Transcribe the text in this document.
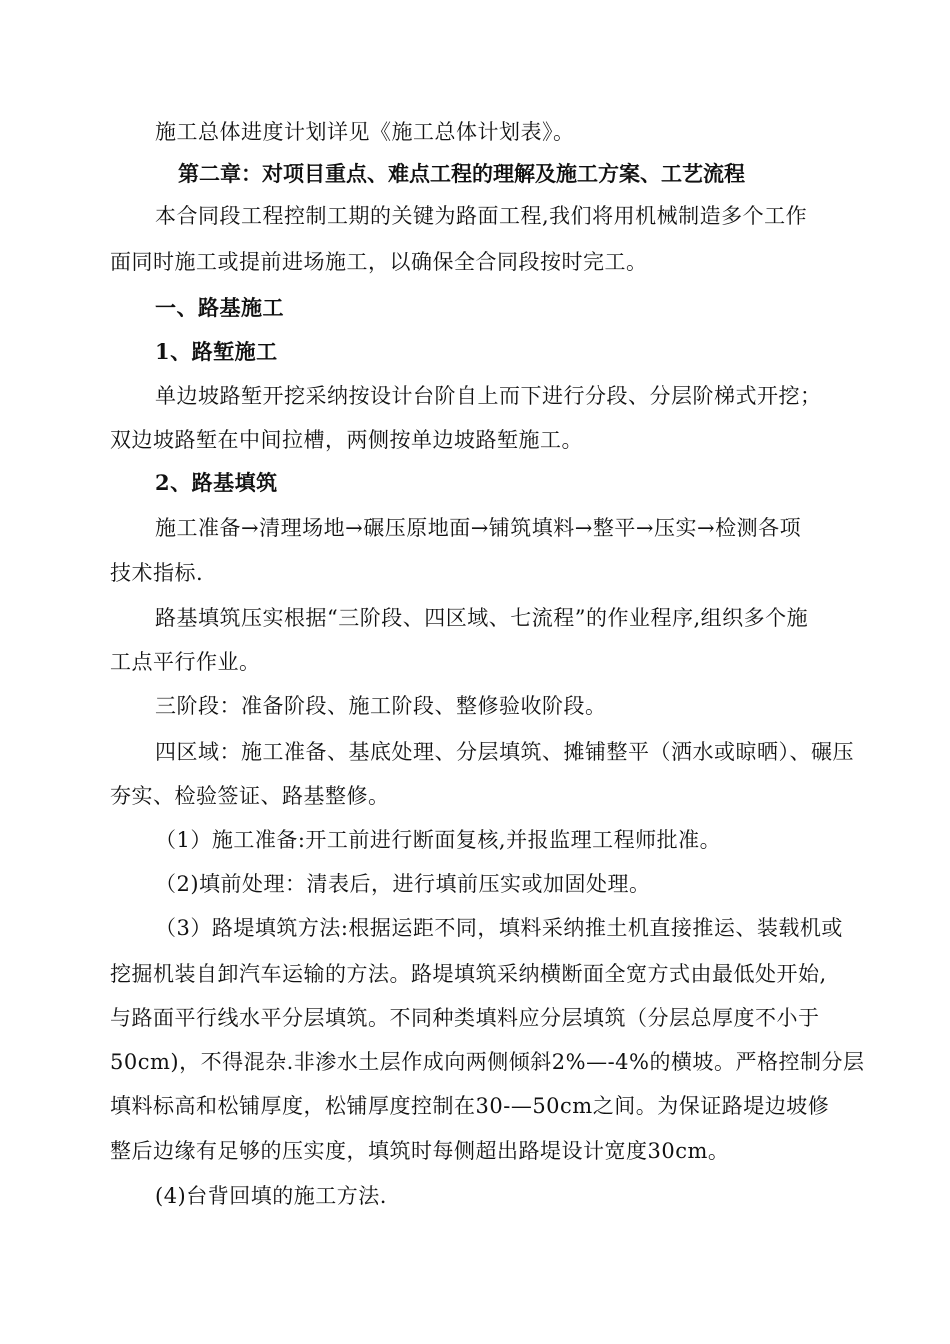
施工总体进度计划详见《施工总体计划表》。
第二章：对项目重点、难点工程的理解及施工方案、工艺流程
本合同段工程控制工期的关键为路面工程,我们将用机械制造多个工作
面同时施工或提前进场施工，以确保全合同段按时完工。
一、路基施工
1、路堑施工
单边坡路堑开挖采纳按设计台阶自上而下进行分段、分层阶梯式开挖；
双边坡路堑在中间拉槽，两侧按单边坡路堑施工。
2、路基填筑
施工准备→清理场地→碾压原地面→铺筑填料→整平→压实→检测各项
技术指标.
路基填筑压实根据“三阶段、四区域、七流程”的作业程序,组织多个施
工点平行作业。
三阶段：准备阶段、施工阶段、整修验收阶段。
四区域：施工准备、基底处理、分层填筑、摊铺整平（洒水或晾晒）、碾压
夯实、检验签证、路基整修。
（1）施工准备:开工前进行断面复核,并报监理工程师批准。
（2)填前处理：清表后，进行填前压实或加固处理。
（3）路堤填筑方法:根据运距不同，填料采纳推土机直接推运、装载机或
挖掘机装自卸汽车运输的方法。路堤填筑采纳横断面全宽方式由最低处开始,
与路面平行线水平分层填筑。不同种类填料应分层填筑（分层总厚度不小于
50cm)，不得混杂.非渗水土层作成向两侧倾斜2%—-4%的横坡。严格控制分层
填料标高和松铺厚度，松铺厚度控制在30-—50cm之间。为保证路堤边坡修
整后边缘有足够的压实度，填筑时每侧超出路堤设计宽度30cm。
(4)台背回填的施工方法.
